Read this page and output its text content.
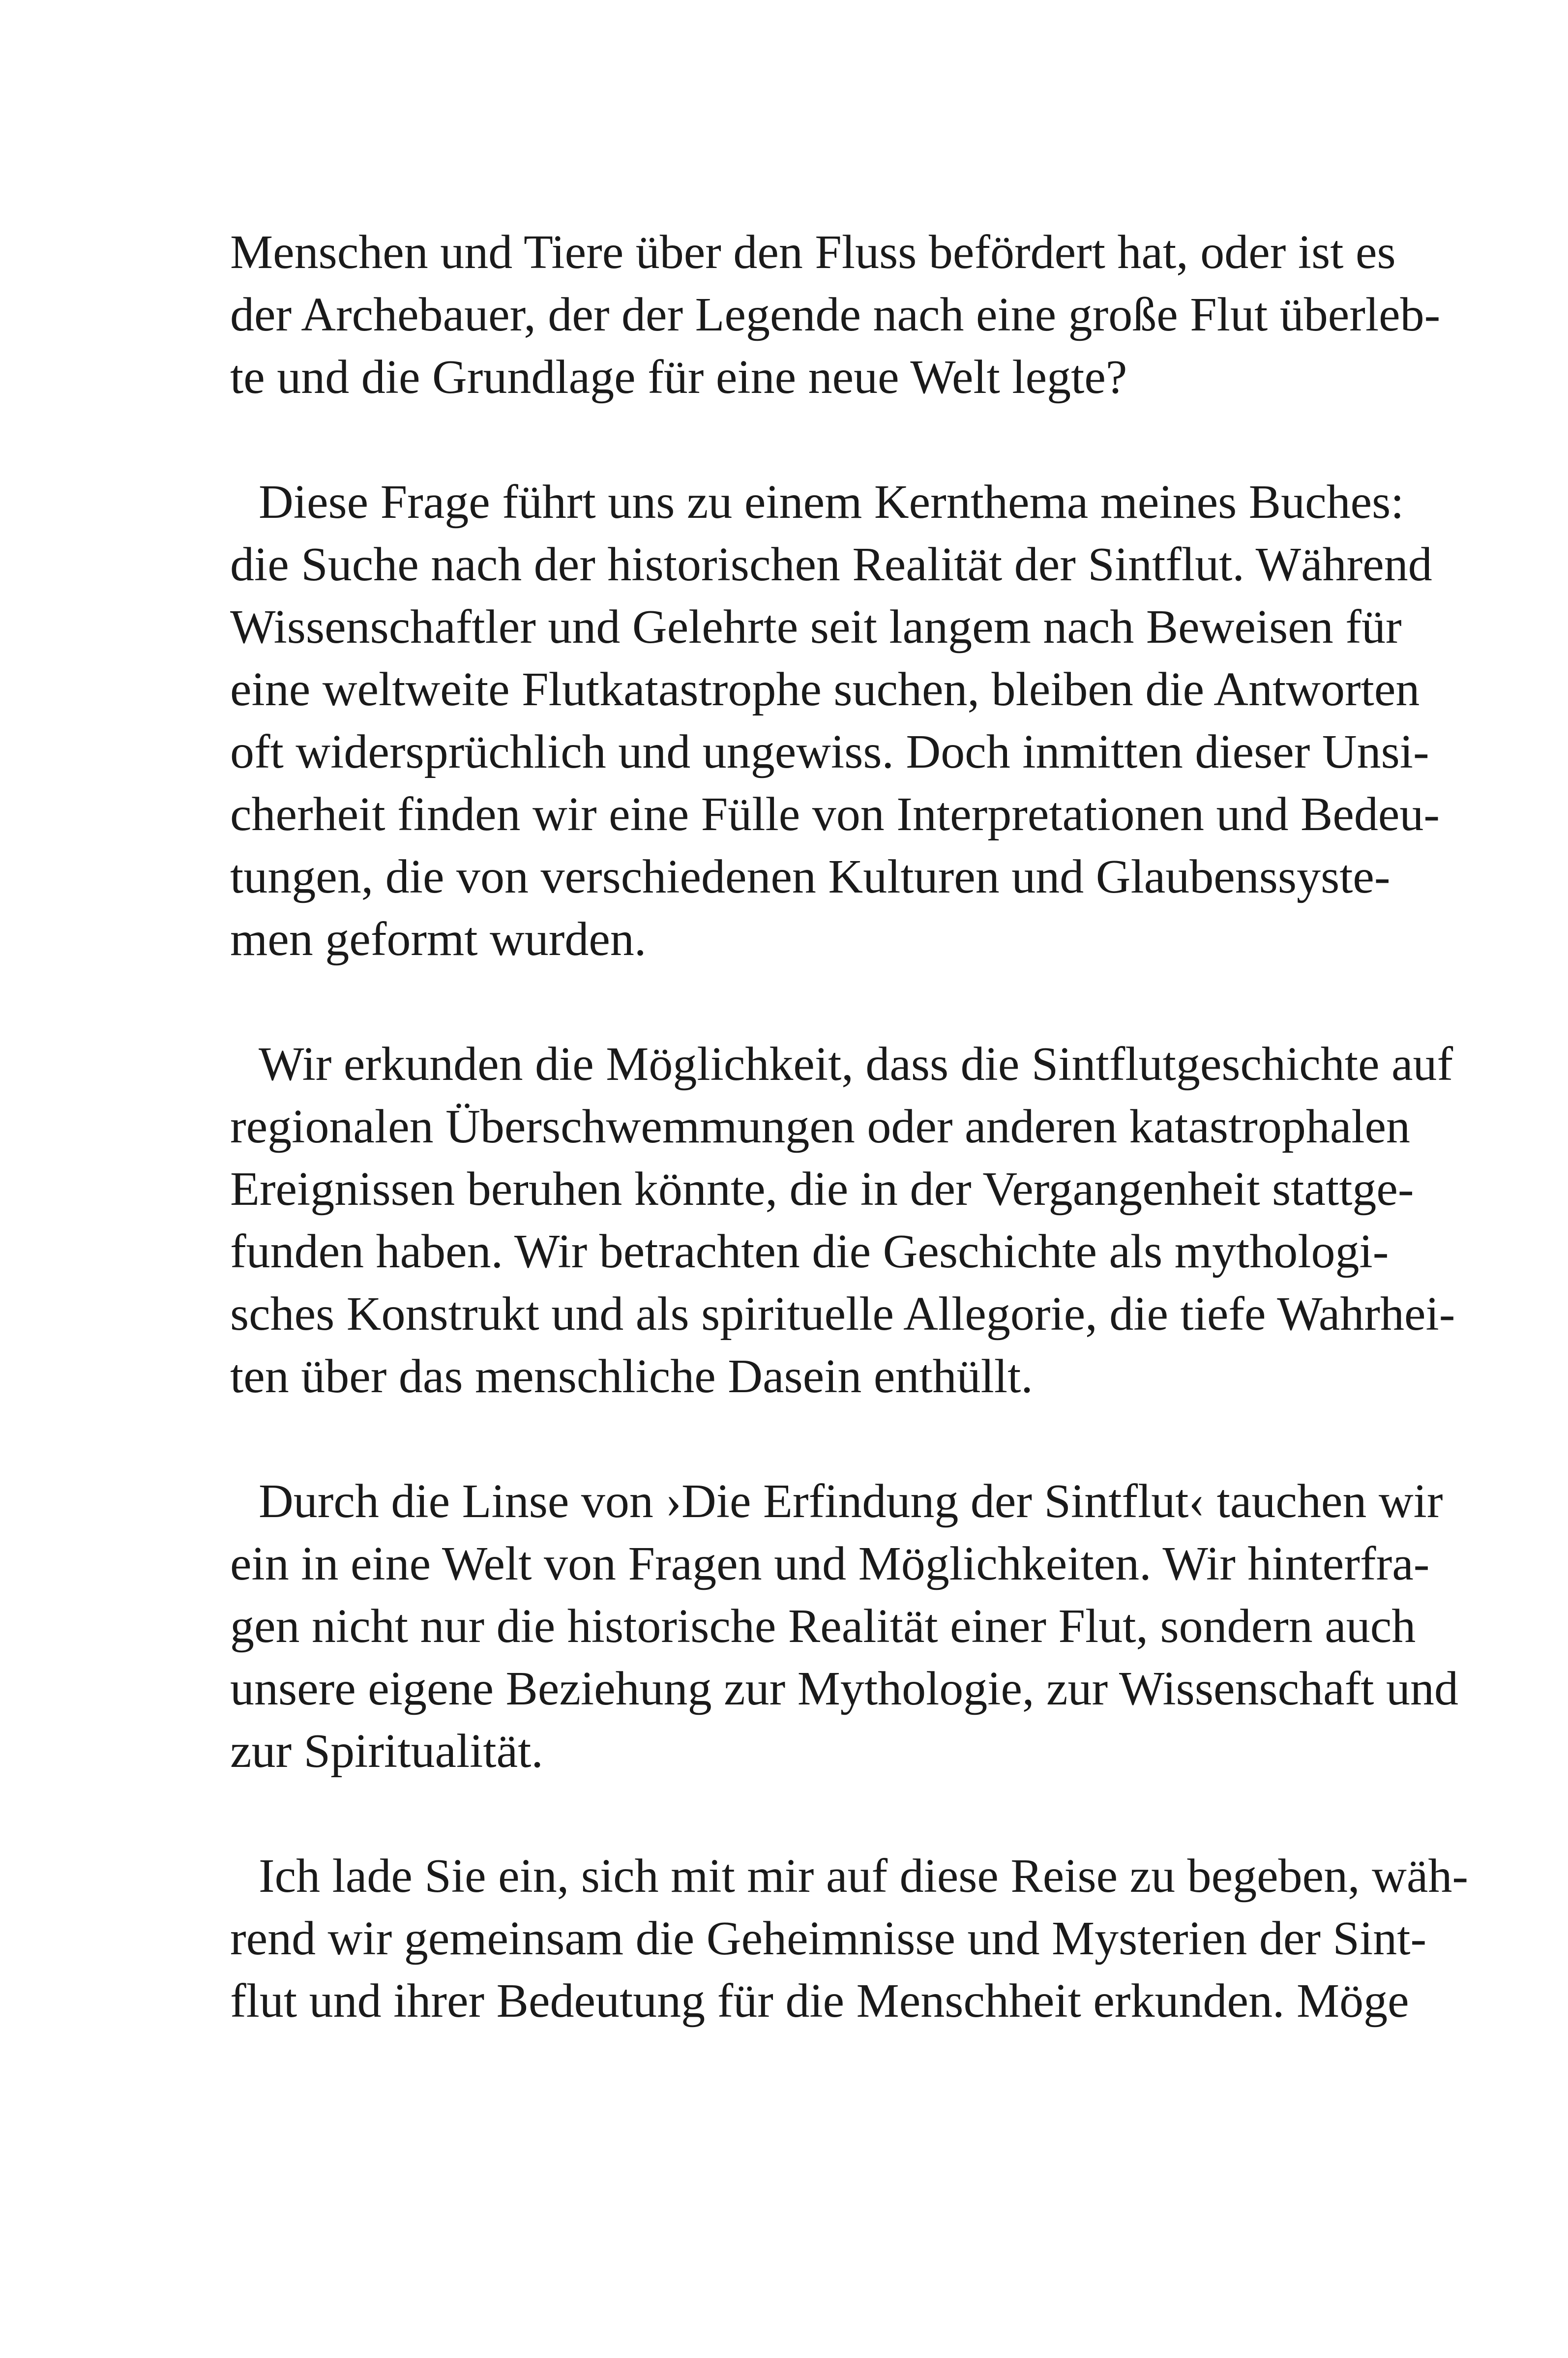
Menschen und Tiere über den Fluss befördert hat, oder ist es
der Archebauer, der der Legende nach eine große Flut überleb-
te und die Grundlage für eine neue Welt legte?

Diese Frage führt uns zu einem Kernthema meines Buches:
die Suche nach der historischen Realität der Sintflut. Während
Wissenschaftler und Gelehrte seit langem nach Beweisen für
eine weltweite Flutkatastrophe suchen, bleiben die Antworten
oft widersprüchlich und ungewiss. Doch inmitten dieser Unsi-
cherheit finden wir eine Fülle von Interpretationen und Bedeu-
tungen, die von verschiedenen Kulturen und Glaubenssyste-
men geformt wurden.

Wir erkunden die Möglichkeit, dass die Sintflutgeschichte auf
regionalen Überschwemmungen oder anderen katastrophalen
Ereignissen beruhen könnte, die in der Vergangenheit stattge-
funden haben. Wir betrachten die Geschichte als mythologi-
sches Konstrukt und als spirituelle Allegorie, die tiefe Wahrhei-
ten über das menschliche Dasein enthüllt.

Durch die Linse von ›Die Erfindung der Sintflut‹ tauchen wir
ein in eine Welt von Fragen und Möglichkeiten. Wir hinterfra-
gen nicht nur die historische Realität einer Flut, sondern auch
unsere eigene Beziehung zur Mythologie, zur Wissenschaft und
zur Spiritualität.

Ich lade Sie ein, sich mit mir auf diese Reise zu begeben, wäh-
rend wir gemeinsam die Geheimnisse und Mysterien der Sint-
flut und ihrer Bedeutung für die Menschheit erkunden. Möge
